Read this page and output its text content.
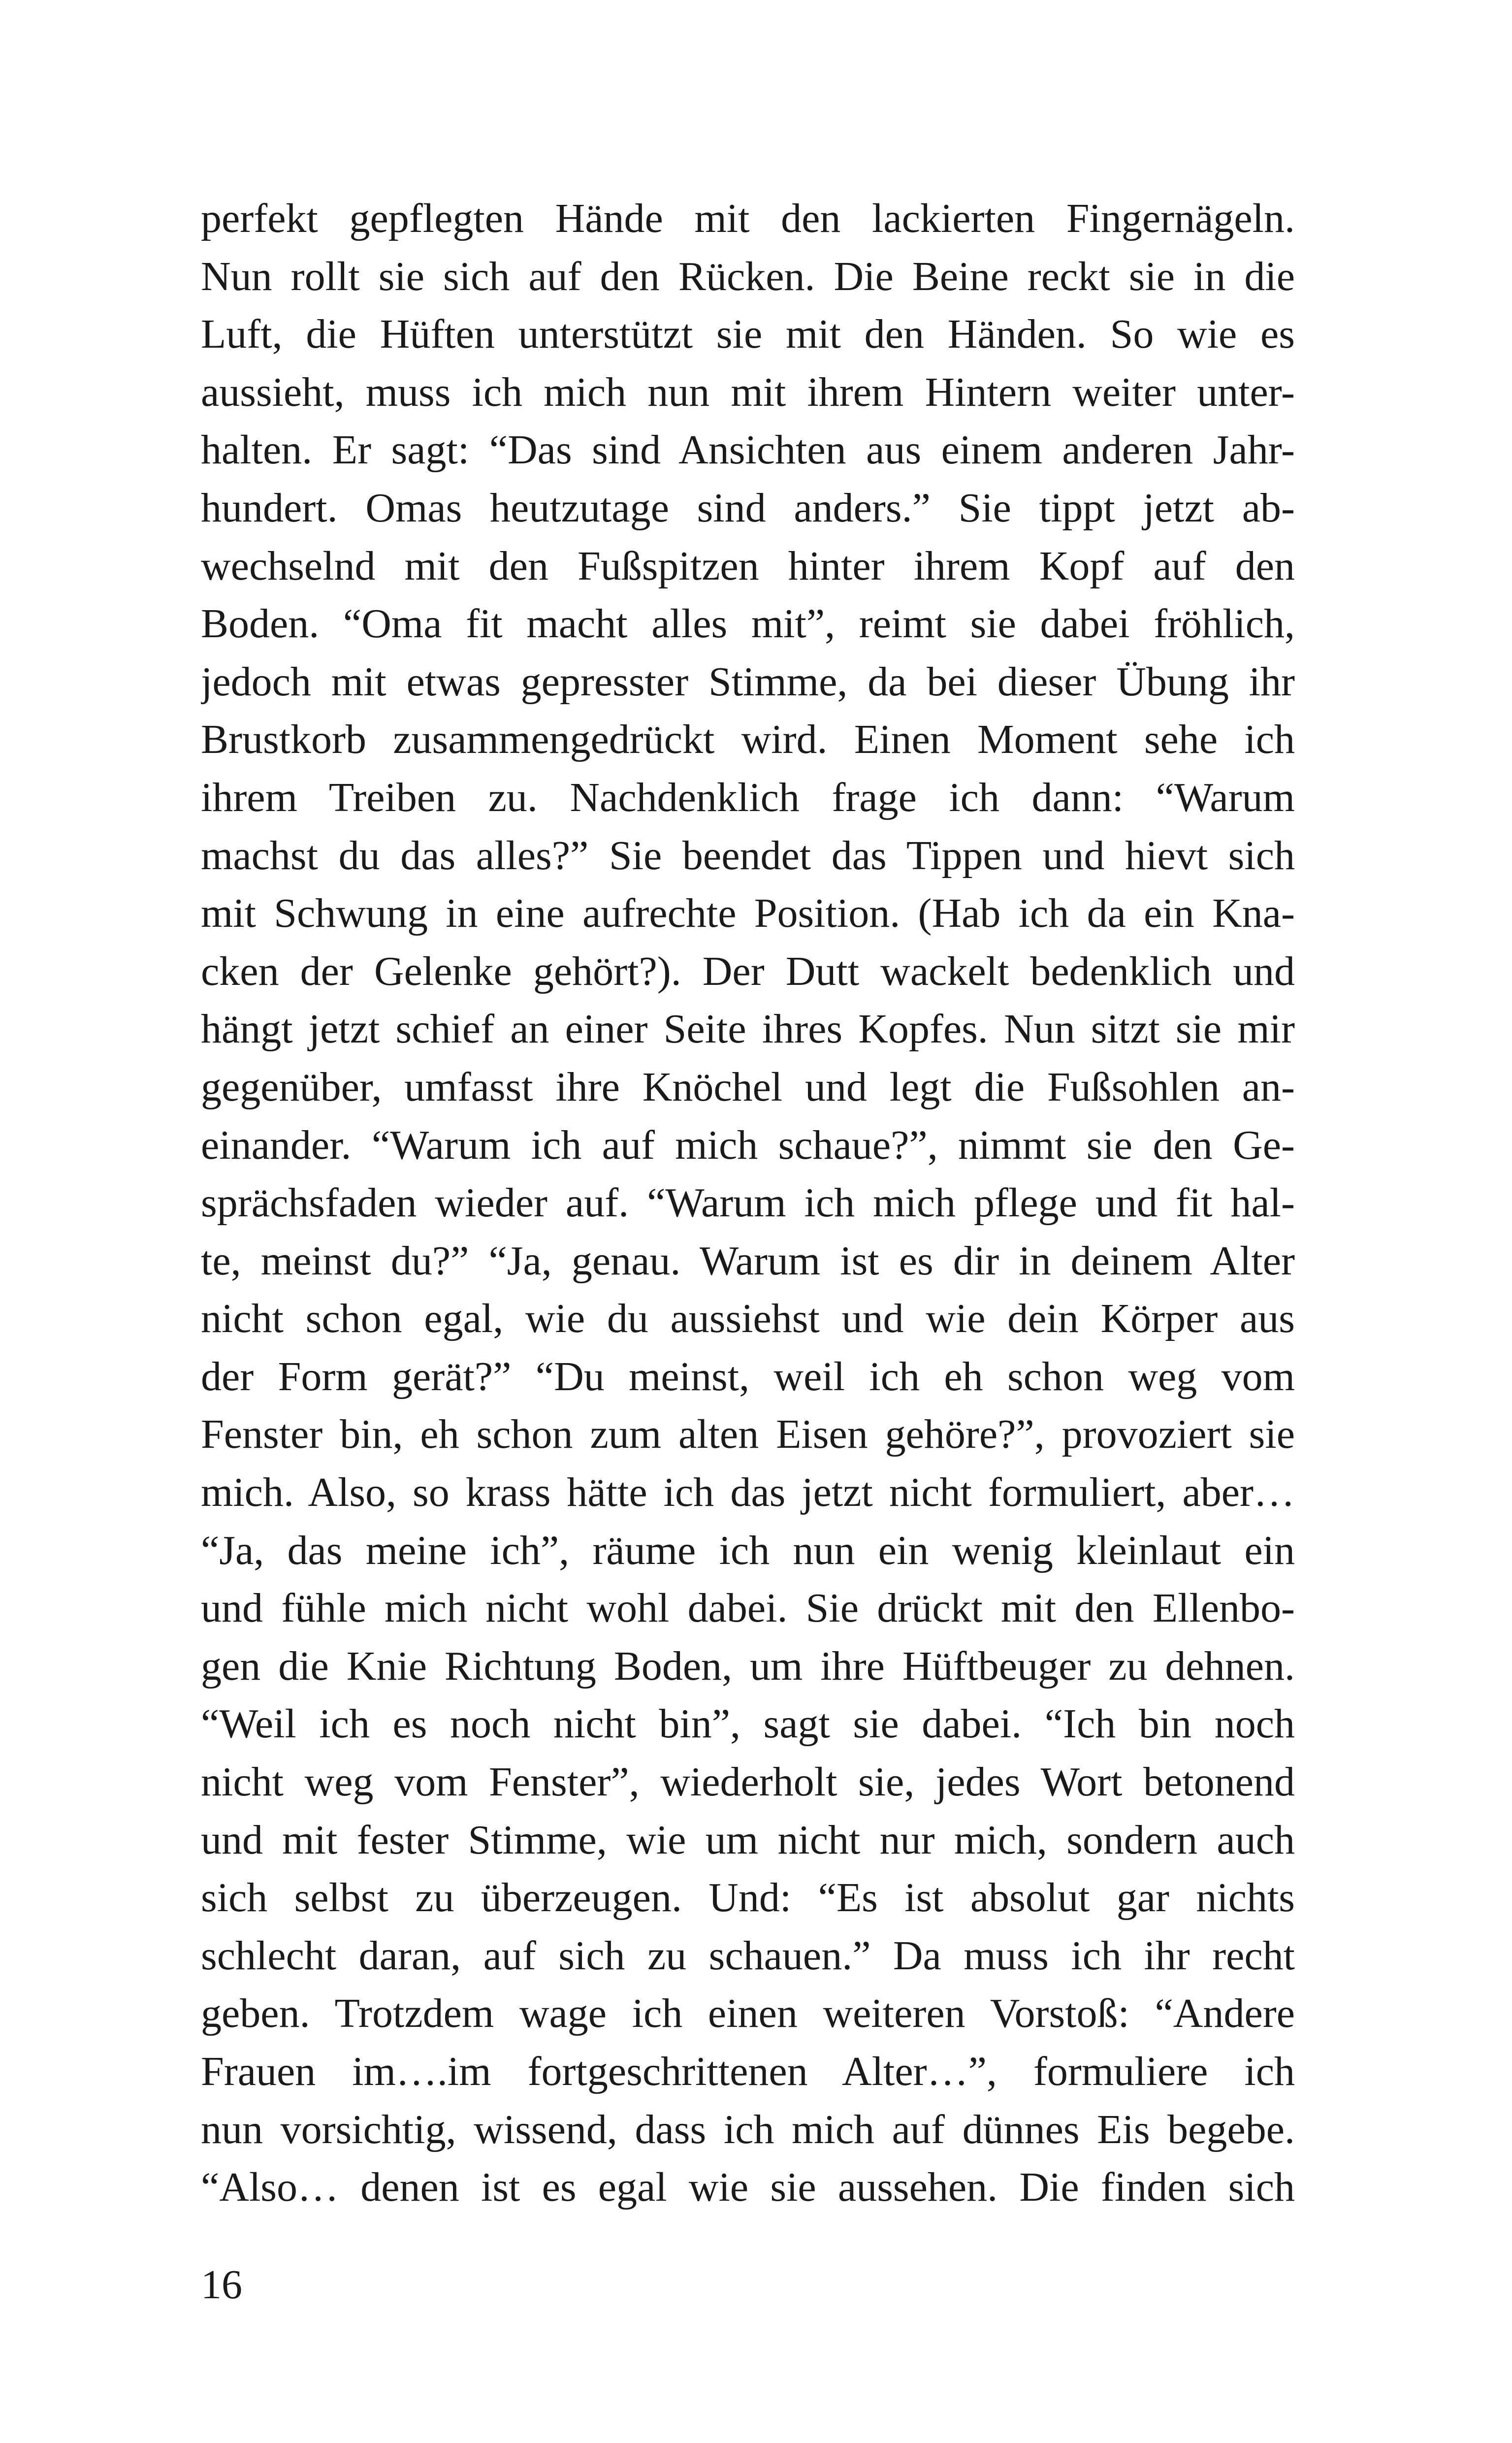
perfekt gepflegten Hände mit den lackierten Fingernägeln.
Nun rollt sie sich auf den Rücken. Die Beine reckt sie in die
Luft, die Hüften unterstützt sie mit den Händen. So wie es
aussieht, muss ich mich nun mit ihrem Hintern weiter unter-
halten. Er sagt: “Das sind Ansichten aus einem anderen Jahr-
hundert. Omas heutzutage sind anders.” Sie tippt jetzt ab-
wechselnd mit den Fußspitzen hinter ihrem Kopf auf den
Boden. “Oma fit macht alles mit”, reimt sie dabei fröhlich,
jedoch mit etwas gepresster Stimme, da bei dieser Übung ihr
Brustkorb zusammengedrückt wird. Einen Moment sehe ich
ihrem Treiben zu. Nachdenklich frage ich dann: “Warum
machst du das alles?” Sie beendet das Tippen und hievt sich
mit Schwung in eine aufrechte Position. (Hab ich da ein Kna-
cken der Gelenke gehört?). Der Dutt wackelt bedenklich und
hängt jetzt schief an einer Seite ihres Kopfes. Nun sitzt sie mir
gegenüber, umfasst ihre Knöchel und legt die Fußsohlen an-
einander. “Warum ich auf mich schaue?”, nimmt sie den Ge-
sprächsfaden wieder auf. “Warum ich mich pflege und fit hal-
te, meinst du?” “Ja, genau. Warum ist es dir in deinem Alter
nicht schon egal, wie du aussiehst und wie dein Körper aus
der Form gerät?” “Du meinst, weil ich eh schon weg vom
Fenster bin, eh schon zum alten Eisen gehöre?”, provoziert sie
mich. Also, so krass hätte ich das jetzt nicht formuliert, aber…
“Ja, das meine ich”, räume ich nun ein wenig kleinlaut ein
und fühle mich nicht wohl dabei. Sie drückt mit den Ellenbo-
gen die Knie Richtung Boden, um ihre Hüftbeuger zu dehnen.
“Weil ich es noch nicht bin”, sagt sie dabei. “Ich bin noch
nicht weg vom Fenster”, wiederholt sie, jedes Wort betonend
und mit fester Stimme, wie um nicht nur mich, sondern auch
sich selbst zu überzeugen. Und: “Es ist absolut gar nichts
schlecht daran, auf sich zu schauen.” Da muss ich ihr recht
geben. Trotzdem wage ich einen weiteren Vorstoß: “Andere
Frauen im….im fortgeschrittenen Alter…”, formuliere ich
nun vorsichtig, wissend, dass ich mich auf dünnes Eis begebe.
“Also… denen ist es egal wie sie aussehen. Die finden sich
16
